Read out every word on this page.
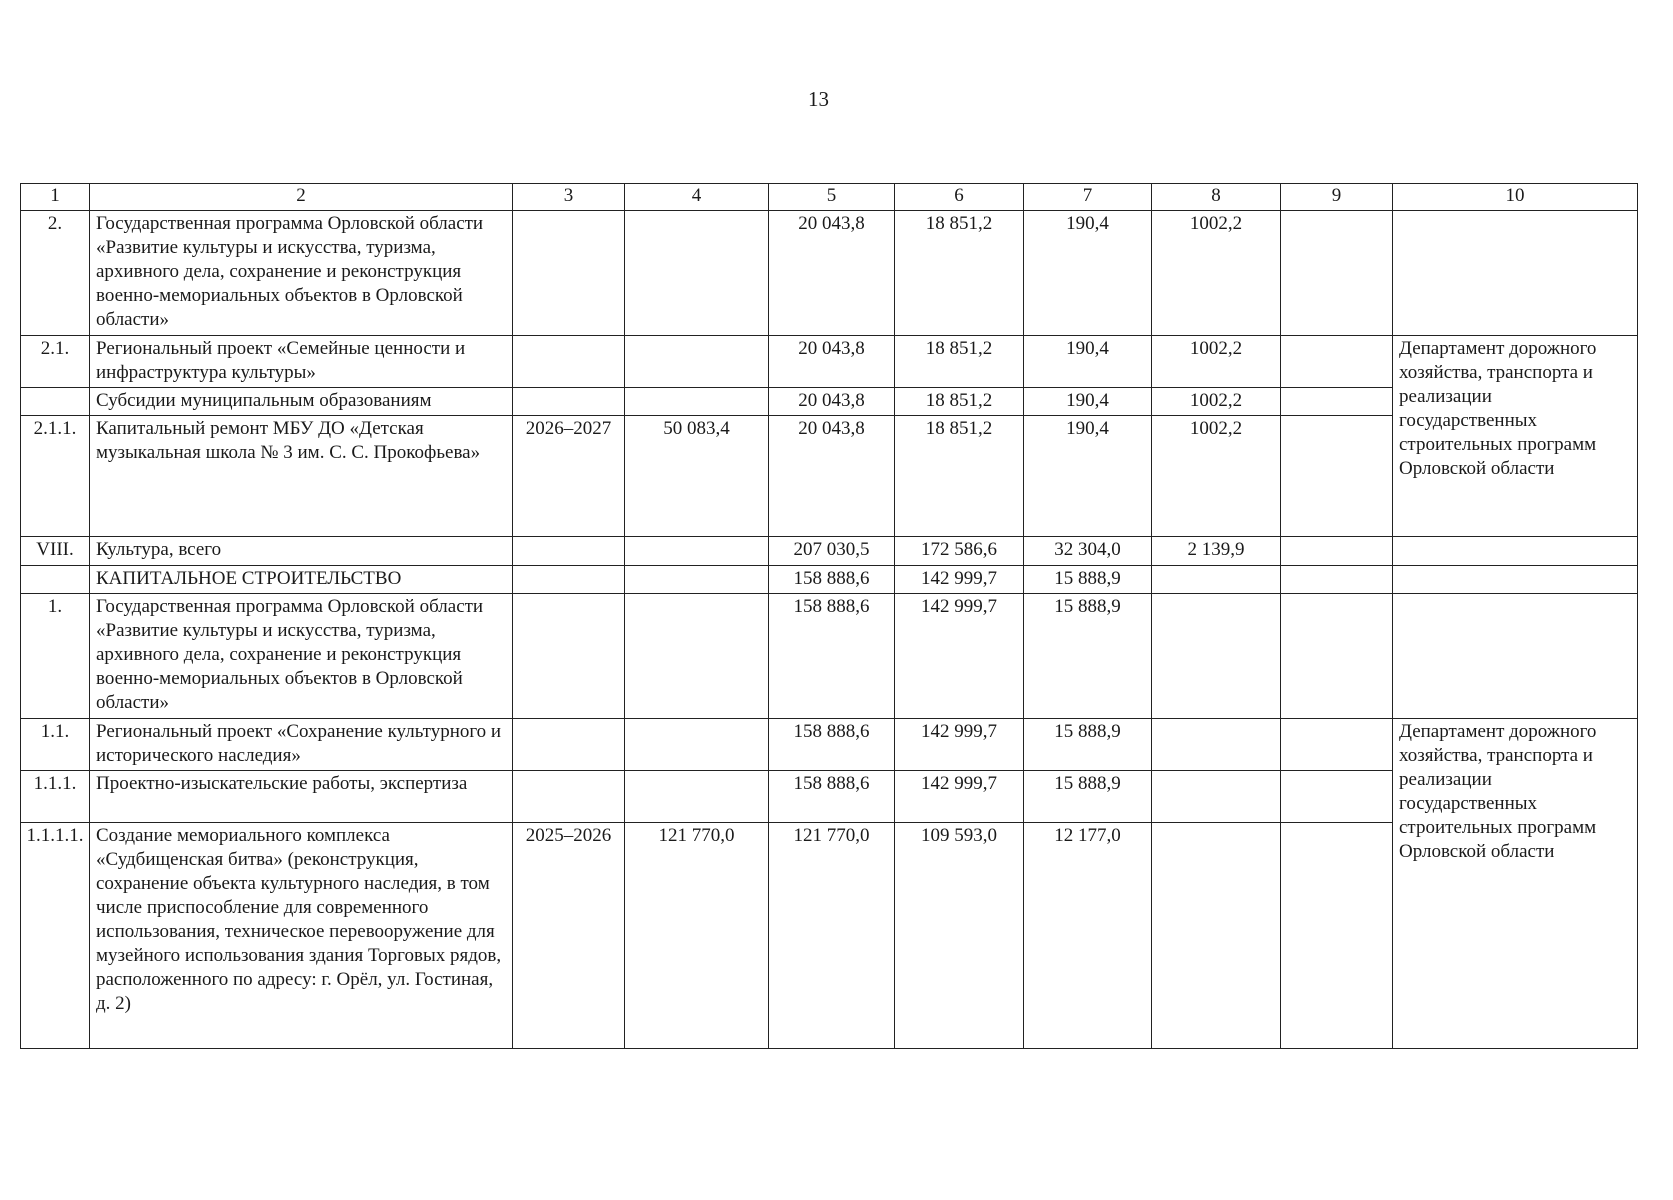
13
1	2	3	4	5	6	7	8	9	10
2.	Государственная программа Орловской области «Развитие культуры и искусства, туризма, архивного дела, сохранение и реконструкция военно-мемориальных объектов в Орловской области»			20 043,8	18 851,2	190,4	1002,2		
2.1.	Региональный проект «Семейные ценности и инфраструктура культуры»			20 043,8	18 851,2	190,4	1002,2		Департамент дорожного хозяйства, транспорта и реализации государственных строительных программ Орловской области
	Субсидии муниципальным образованиям			20 043,8	18 851,2	190,4	1002,2		
2.1.1.	Капитальный ремонт МБУ ДО «Детская музыкальная школа № 3 им. С. С. Прокофьева»	2026–2027	50 083,4	20 043,8	18 851,2	190,4	1002,2		
VIII.	Культура, всего			207 030,5	172 586,6	32 304,0	2 139,9		
	КАПИТАЛЬНОЕ СТРОИТЕЛЬСТВО			158 888,6	142 999,7	15 888,9			
1.	Государственная программа Орловской области «Развитие культуры и искусства, туризма, архивного дела, сохранение и реконструкция военно-мемориальных объектов в Орловской области»			158 888,6	142 999,7	15 888,9			
1.1.	Региональный проект «Сохранение культурного и исторического наследия»			158 888,6	142 999,7	15 888,9			Департамент дорожного хозяйства, транспорта и реализации государственных строительных программ Орловской области
1.1.1.	Проектно-изыскательские работы, экспертиза			158 888,6	142 999,7	15 888,9			
1.1.1.1.	Создание мемориального комплекса «Судбищенская битва» (реконструкция, сохранение объекта культурного наследия, в том числе приспособление для современного использования, техническое перевооружение для музейного использования здания Торговых рядов, расположенного по адресу: г. Орёл, ул. Гостиная, д. 2)	2025–2026	121 770,0	121 770,0	109 593,0	12 177,0			
